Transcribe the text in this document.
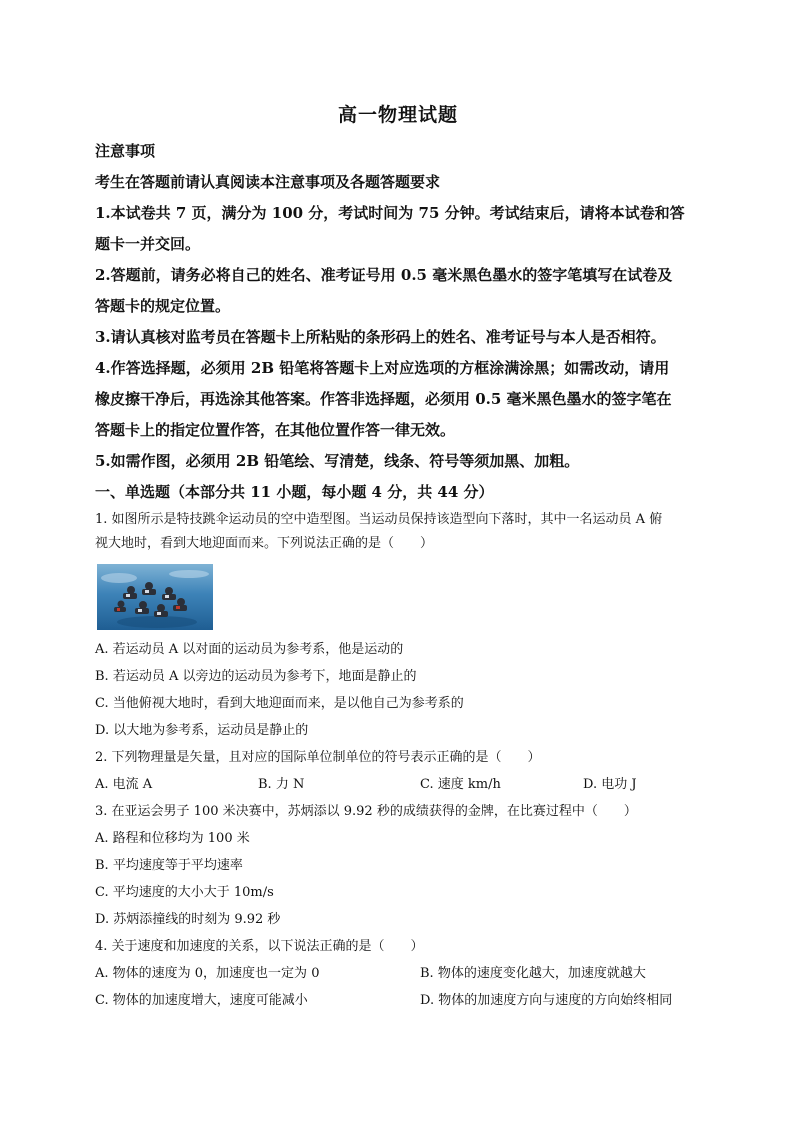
高一物理试题

注意事项

考生在答题前请认真阅读本注意事项及各题答题要求

1.本试卷共 7 页，满分为 100 分，考试时间为 75 分钟。考试结束后，请将本试卷和答

题卡一并交回。

2.答题前，请务必将自己的姓名、准考证号用 0.5 毫米黑色墨水的签字笔填写在试卷及

答题卡的规定位置。

3.请认真核对监考员在答题卡上所粘贴的条形码上的姓名、准考证号与本人是否相符。

4.作答选择题，必须用 2B 铅笔将答题卡上对应选项的方框涂满涂黑；如需改动，请用

橡皮擦干净后，再选涂其他答案。作答非选择题，必须用 0.5 毫米黑色墨水的签字笔在

答题卡上的指定位置作答，在其他位置作答一律无效。

5.如需作图，必须用 2B 铅笔绘、写清楚，线条、符号等须加黑、加粗。

一、单选题（本部分共 11 小题，每小题 4 分，共 44 分）

1. 如图所示是特技跳伞运动员的空中造型图。当运动员保持该造型向下落时，其中一名运动员 A 俯

视大地时，看到大地迎面而来。下列说法正确的是（　　）

A. 若运动员 A 以对面的运动员为参考系，他是运动的

B. 若运动员 A 以旁边的运动员为参考下，地面是静止的

C. 当他俯视大地时，看到大地迎面而来，是以他自己为参考系的

D. 以大地为参考系，运动员是静止的

2. 下列物理量是矢量，且对应的国际单位制单位的符号表示正确的是（　　）

A. 电流 A	B. 力 N	C. 速度 km/h	D. 电功 J

3. 在亚运会男子 100 米决赛中，苏炳添以 9.92 秒的成绩获得的金牌，在比赛过程中（　　）

A. 路程和位移均为 100 米

B. 平均速度等于平均速率

C. 平均速度的大小大于 10m/s

D. 苏炳添撞线的时刻为 9.92 秒

4. 关于速度和加速度的关系，以下说法正确的是（　　）

A. 物体的速度为 0，加速度也一定为 0	B. 物体的速度变化越大，加速度就越大
C. 物体的加速度增大，速度可能减小	D. 物体的加速度方向与速度的方向始终相同
